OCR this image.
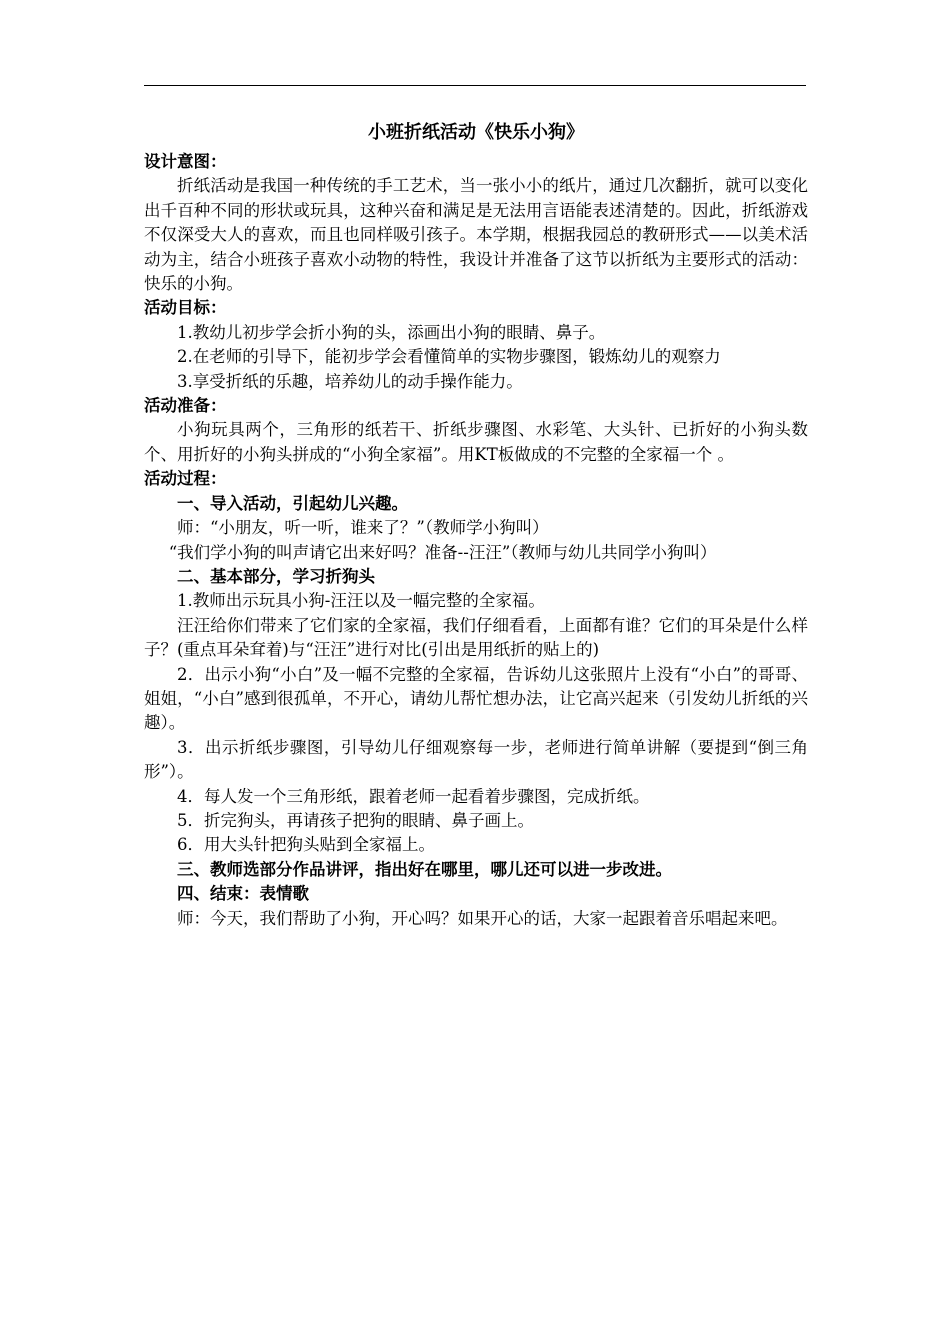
小班折纸活动《快乐小狗》
设计意图：

折纸活动是我国一种传统的手工艺术，当一张小小的纸片，通过几次翻折，就可以变化出千百种不同的形状或玩具，这种兴奋和满足是无法用言语能表述清楚的。因此，折纸游戏不仅深受大人的喜欢，而且也同样吸引孩子。本学期，根据我园总的教研形式——以美术活动为主，结合小班孩子喜欢小动物的特性，我设计并准备了这节以折纸为主要形式的活动：快乐的小狗。

活动目标：

1.教幼儿初步学会折小狗的头，添画出小狗的眼睛、鼻子。

2.在老师的引导下，能初步学会看懂简单的实物步骤图，锻炼幼儿的观察力

3.享受折纸的乐趣，培养幼儿的动手操作能力。

活动准备：

小狗玩具两个，三角形的纸若干、折纸步骤图、水彩笔、大头针、已折好的小狗头数个、用折好的小狗头拼成的“小狗全家福”。用KT板做成的不完整的全家福一个 。

活动过程：

一、导入活动，引起幼儿兴趣。

师：“小朋友，听一听，谁来了？”（教师学小狗叫）

“我们学小狗的叫声请它出来好吗？准备--汪汪”（教师与幼儿共同学小狗叫）

二、基本部分，学习折狗头

1.教师出示玩具小狗-汪汪以及一幅完整的全家福。

汪汪给你们带来了它们家的全家福，我们仔细看看，上面都有谁？它们的耳朵是什么样子？(重点耳朵耷着)与“汪汪”进行对比(引出是用纸折的贴上的)

2．出示小狗“小白”及一幅不完整的全家福，告诉幼儿这张照片上没有“小白”的哥哥、姐姐，“小白”感到很孤单，不开心，请幼儿帮忙想办法，让它高兴起来（引发幼儿折纸的兴趣）。

3．出示折纸步骤图，引导幼儿仔细观察每一步，老师进行简单讲解（要提到“倒三角形”）。

4．每人发一个三角形纸，跟着老师一起看着步骤图，完成折纸。

5．折完狗头，再请孩子把狗的眼睛、鼻子画上。

6．用大头针把狗头贴到全家福上。

三、教师选部分作品讲评，指出好在哪里，哪儿还可以进一步改进。

四、结束：表情歌

师：今天，我们帮助了小狗，开心吗？如果开心的话，大家一起跟着音乐唱起来吧。
